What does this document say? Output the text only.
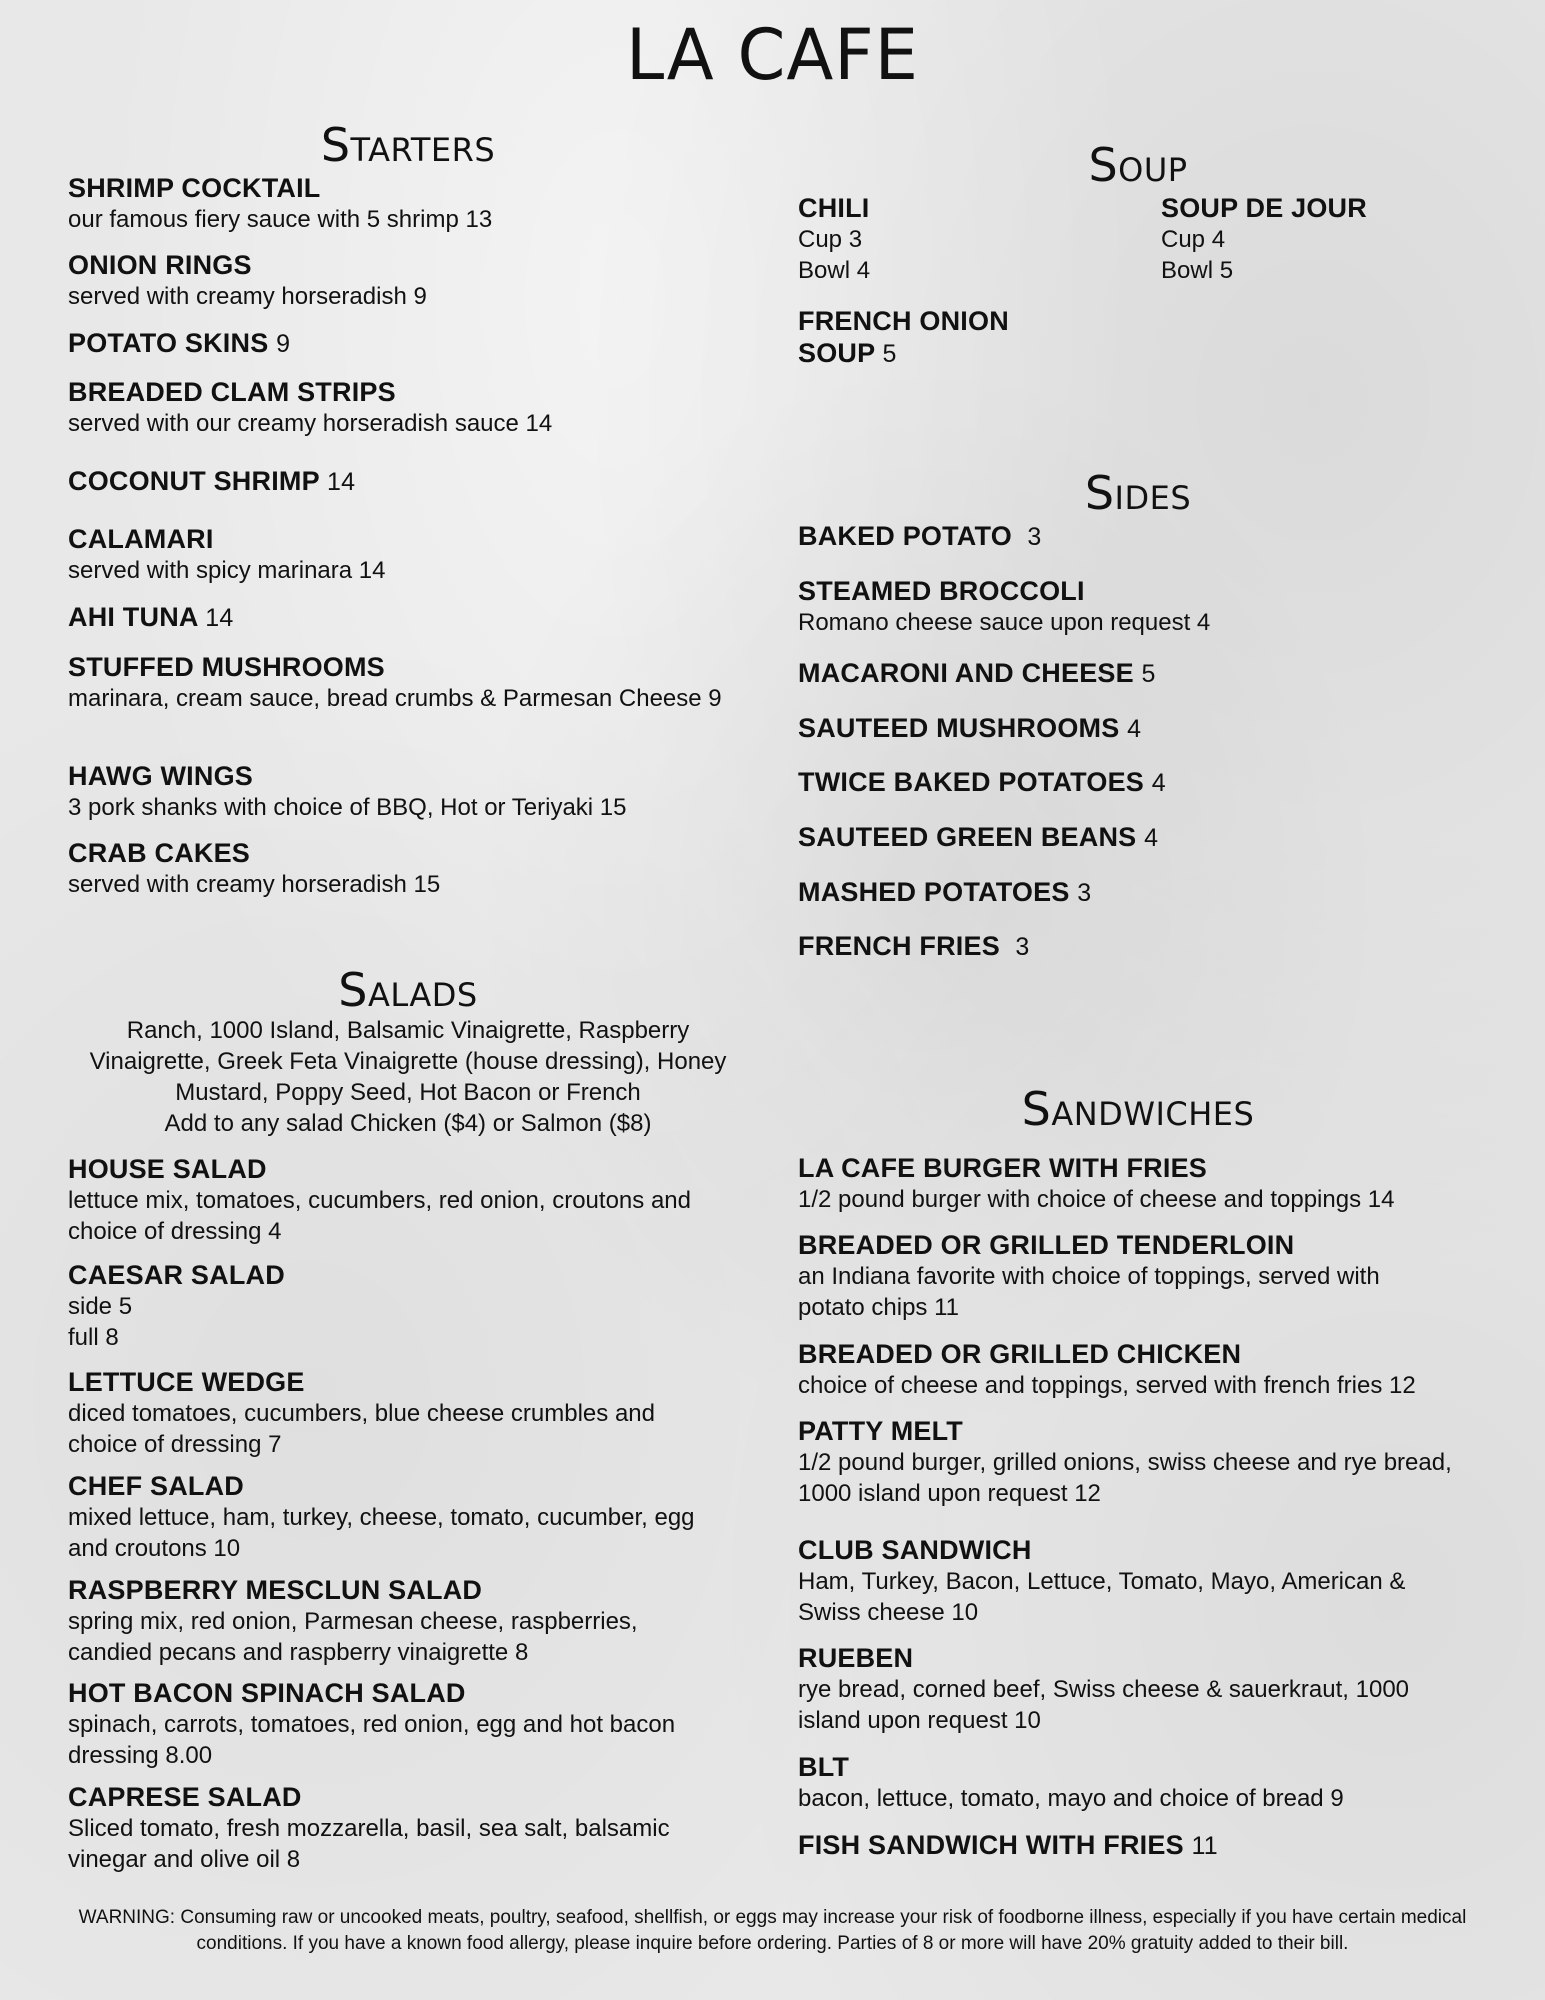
LA CAFE
Starters
SHRIMP COCKTAIL
our famous fiery sauce with 5 shrimp 13
ONION RINGS
served with creamy horseradish 9
POTATO SKINS 9
BREADED CLAM STRIPS
served with our creamy horseradish sauce 14
COCONUT SHRIMP 14
CALAMARI
served with spicy marinara 14
AHI TUNA 14
STUFFED MUSHROOMS
marinara, cream sauce, bread crumbs & Parmesan Cheese 9
HAWG WINGS
3 pork shanks with choice of BBQ, Hot or Teriyaki 15
CRAB CAKES
served with creamy horseradish 15
Salads
Ranch, 1000 Island, Balsamic Vinaigrette, Raspberry Vinaigrette, Greek Feta Vinaigrette (house dressing), Honey Mustard, Poppy Seed, Hot Bacon or French
Add to any salad Chicken ($4) or Salmon ($8)
HOUSE SALAD
lettuce mix, tomatoes, cucumbers, red onion, croutons and choice of dressing 4
CAESAR SALAD
side 5
full 8
LETTUCE WEDGE
diced tomatoes, cucumbers, blue cheese crumbles and choice of dressing 7
CHEF SALAD
mixed lettuce, ham, turkey, cheese, tomato, cucumber, egg and croutons 10
RASPBERRY MESCLUN SALAD
spring mix, red onion, Parmesan cheese, raspberries, candied pecans and raspberry vinaigrette 8
HOT BACON SPINACH SALAD
spinach, carrots, tomatoes, red onion, egg and hot bacon dressing 8.00
CAPRESE SALAD
Sliced tomato, fresh mozzarella, basil, sea salt, balsamic vinegar and olive oil 8
Soup
CHILI
Cup 3
Bowl 4
SOUP DE JOUR
Cup 4
Bowl 5
FRENCH ONION
SOUP 5
Sides
BAKED POTATO 3
STEAMED BROCCOLI
Romano cheese sauce upon request 4
MACARONI AND CHEESE 5
SAUTEED MUSHROOMS 4
TWICE BAKED POTATOES 4
SAUTEED GREEN BEANS 4
MASHED POTATOES 3
FRENCH FRIES 3
Sandwiches
LA CAFE BURGER WITH FRIES
1/2 pound burger with choice of cheese and toppings 14
BREADED OR GRILLED TENDERLOIN
an Indiana favorite with choice of toppings, served with potato chips 11
BREADED OR GRILLED CHICKEN
choice of cheese and toppings, served with french fries 12
PATTY MELT
1/2 pound burger, grilled onions, swiss cheese and rye bread, 1000 island upon request 12
CLUB SANDWICH
Ham, Turkey, Bacon, Lettuce, Tomato, Mayo, American & Swiss cheese 10
RUEBEN
rye bread, corned beef, Swiss cheese & sauerkraut, 1000 island upon request 10
BLT
bacon, lettuce, tomato, mayo and choice of bread 9
FISH SANDWICH WITH FRIES 11
WARNING: Consuming raw or uncooked meats, poultry, seafood, shellfish, or eggs may increase your risk of foodborne illness, especially if you have certain medical conditions. If you have a known food allergy, please inquire before ordering. Parties of 8 or more will have 20% gratuity added to their bill.
